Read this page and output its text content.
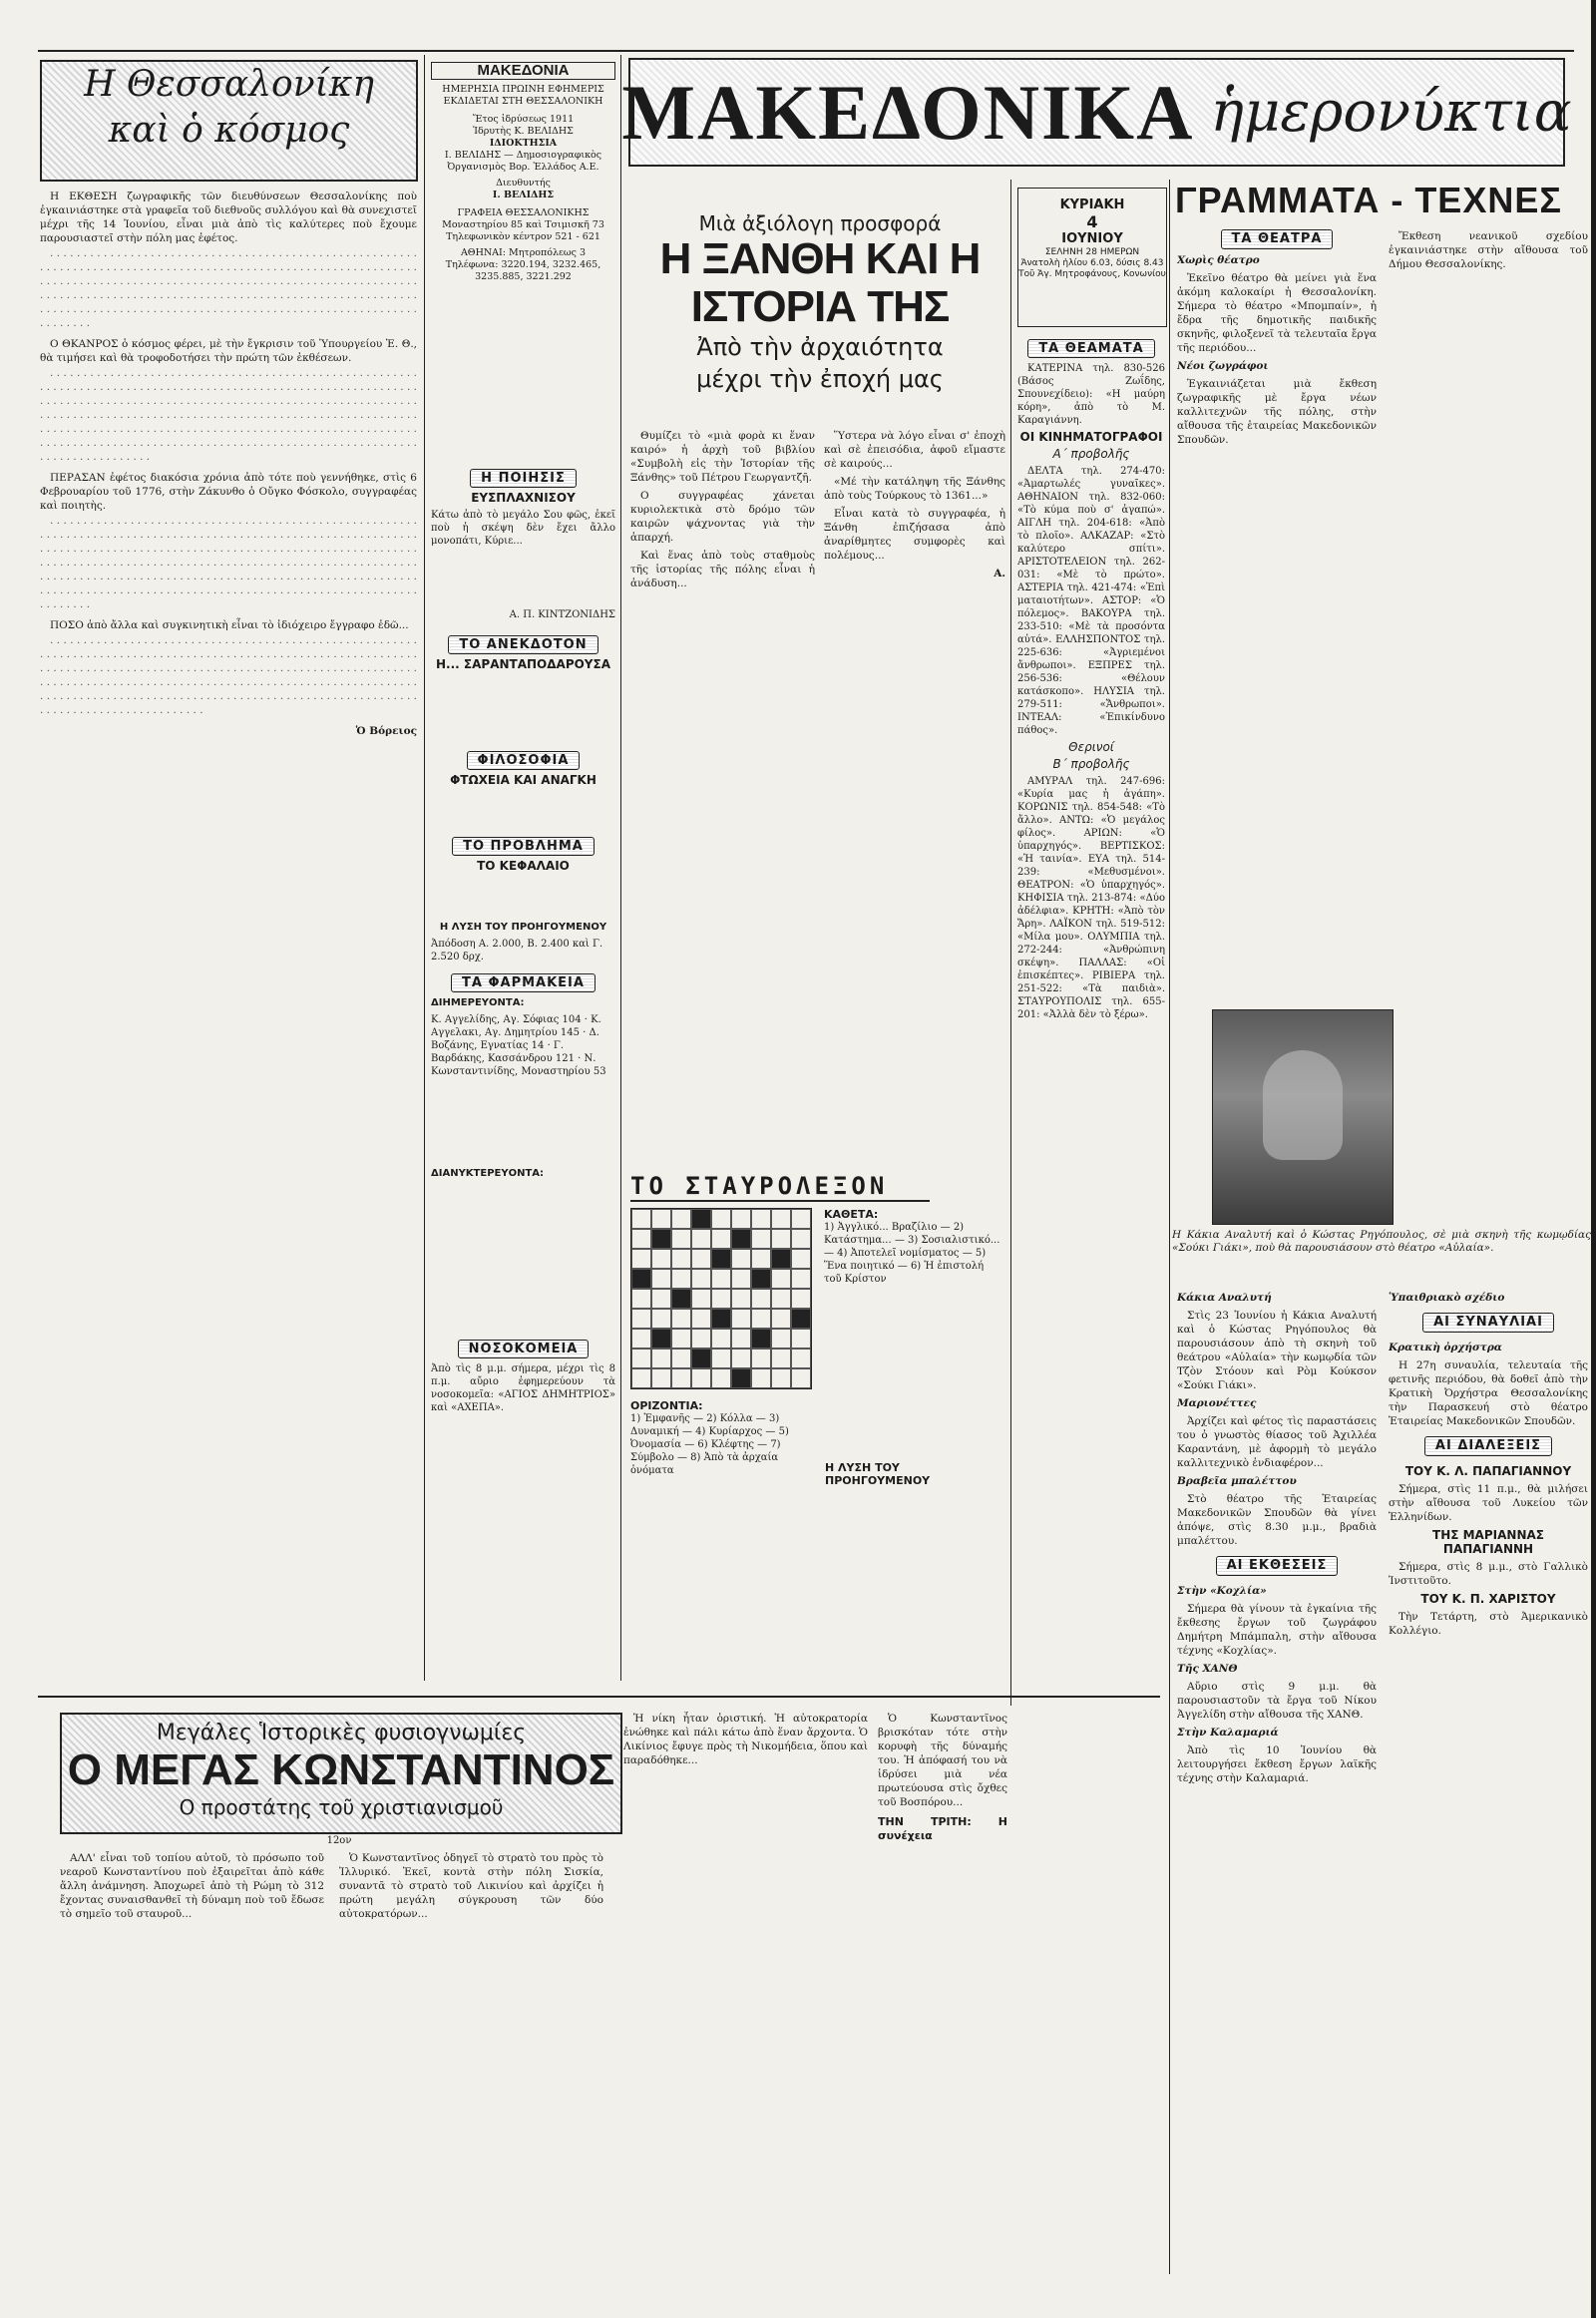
Η Θεσσαλονίκη
καὶ ὁ κόσμος

Η ΕΚΘΕΣΗ ζωγραφικῆς τῶν διευθύνσεων Θεσσαλονίκης ποὺ ἐγκαινιάστηκε στὰ γραφεῖα τοῦ διεθνοῦς συλλόγου καὶ θὰ συνεχιστεῖ μέχρι τῆς 14 Ἰουνίου, εἶναι μιὰ ἀπὸ τὶς καλύτερες ποὺ ἔχουμε παρουσιαστεῖ στὴν πόλη μας ἐφέτος.

· · · · · · · · · · · · · · · · · · · · · · · · · · · · · · · · · · · · · · · · · · · · · · · · · · · · · · · · · · · · · · · · · · · · · · · · · · · · · · · · · · · · · · · · · · · · · · · · · · · · · · · · · · · · · · · · · · · · · · · · · · · · · · · · · · · · · · · · · · · · · · · · · · · · · · · · · · · · · · · · · · · · · · · · · · · · · · · · · · · · · · · · · · · · · · · · · · · · · · · · · · · · · · · · · · · · · · · · · · · · · · · · · · · · · · · · · · · · · · · · · · · · · · · · · · · · · · · · · · · · · · · · · · · · · · · · · · · · · · · · · · · · · · · · · · ·

Ο ΘΚΑΝΡΟΣ ὁ κόσμος φέρει, μὲ τὴν ἔγκρισιν τοῦ Ὑπουργείου Ἐ. Θ., θὰ τιμήσει καὶ θὰ τροφοδοτήσει τὴν πρώτη τῶν ἐκθέσεων.

· · · · · · · · · · · · · · · · · · · · · · · · · · · · · · · · · · · · · · · · · · · · · · · · · · · · · · · · · · · · · · · · · · · · · · · · · · · · · · · · · · · · · · · · · · · · · · · · · · · · · · · · · · · · · · · · · · · · · · · · · · · · · · · · · · · · · · · · · · · · · · · · · · · · · · · · · · · · · · · · · · · · · · · · · · · · · · · · · · · · · · · · · · · · · · · · · · · · · · · · · · · · · · · · · · · · · · · · · · · · · · · · · · · · · · · · · · · · · · · · · · · · · · · · · · · · · · · · · · · · · · · · · · · · · · · · · · · · · · · · · · · · · · · · · · · · · · · · · · · · · · · · · · · · · · · · · · · · · · · · · · · · · · · · · · · · · · · · · · · · · · · · · · · · · · · · · · · · ·

ΠΕΡΑΣΑΝ ἐφέτος διακόσια χρόνια ἀπὸ τότε ποὺ γεννήθηκε, στὶς 6 Φεβρουαρίου τοῦ 1776, στὴν Ζάκυνθο ὁ Οὔγκο Φόσκολο, συγγραφέας καὶ ποιητὴς.

· · · · · · · · · · · · · · · · · · · · · · · · · · · · · · · · · · · · · · · · · · · · · · · · · · · · · · · · · · · · · · · · · · · · · · · · · · · · · · · · · · · · · · · · · · · · · · · · · · · · · · · · · · · · · · · · · · · · · · · · · · · · · · · · · · · · · · · · · · · · · · · · · · · · · · · · · · · · · · · · · · · · · · · · · · · · · · · · · · · · · · · · · · · · · · · · · · · · · · · · · · · · · · · · · · · · · · · · · · · · · · · · · · · · · · · · · · · · · · · · · · · · · · · · · · · · · · · · · · · · · · · · · · · · · · · · · · · · · · · · · · · · · · · · · · · · · · · · · · · · · · · · · · · · · · · · · · · · · · · · · · · · · · · · · · · · · · · · · · · · · · · · · · · ·

ΠΟΣΟ ἀπὸ ἄλλα καὶ συγκινητικὴ εἶναι τὸ ἰδιόχειρο ἔγγραφο ἐδῶ...

· · · · · · · · · · · · · · · · · · · · · · · · · · · · · · · · · · · · · · · · · · · · · · · · · · · · · · · · · · · · · · · · · · · · · · · · · · · · · · · · · · · · · · · · · · · · · · · · · · · · · · · · · · · · · · · · · · · · · · · · · · · · · · · · · · · · · · · · · · · · · · · · · · · · · · · · · · · · · · · · · · · · · · · · · · · · · · · · · · · · · · · · · · · · · · · · · · · · · · · · · · · · · · · · · · · · · · · · · · · · · · · · · · · · · · · · · · · · · · · · · · · · · · · · · · · · · · · · · · · · · · · · · · · · · · · · · · · · · · · · · · · · · · · · · · · · · · · · · · · · · · · · · · · ·

Ὁ Βόρειος
ΜΑΚΕΔΟΝΙΑ
ΗΜΕΡΗΣΙΑ ΠΡΩΙΝΗ ΕΦΗΜΕΡΙΣ ΕΚΔΙΔΕΤΑΙ ΣΤΗ ΘΕΣΣΑΛΟΝΙΚΗ
Ἔτος ἱδρύσεως 1911
Ἱδρυτὴς Κ. ΒΕΛΙΔΗΣ
ΙΔΙΟΚΤΗΣΙΑ
Ι. ΒΕΛΙΔΗΣ — Δημοσιογραφικὸς Ὀργανισμὸς Βορ. Ἑλλάδος Α.Ε.
Διευθυντής
Ι. ΒΕΛΙΔΗΣ
ΓΡΑΦΕΙΑ ΘΕΣΣΑΛΟΝΙΚΗΣ Μοναστηρίου 85 καὶ Τσιμισκῆ 73
Τηλεφωνικὸν κέντρον 521 - 621
ΑΘΗΝΑΙ: Μητροπόλεως 3
Τηλέφωνα: 3220.194, 3232.465, 3235.885, 3221.292
Η ΠΟΙΗΣΙΣ
ΕΥΣΠΛΑΧΝΙΣΟΥ
Κάτω ἀπὸ τὸ μεγάλο Σου φῶς, ἐκεῖ ποὺ ἡ σκέψη δὲν ἔχει ἄλλο μονοπάτι, Κύριε...
Α. Π. ΚΙΝΤΖΟΝΙΔΗΣ
ΤΟ ΑΝΕΚΔΟΤΟΝ
Η... ΣΑΡΑΝΤΑΠΟΔΑΡΟΥΣΑ
ΦΙΛΟΣΟΦΙΑ
ΦΤΩΧΕΙΑ ΚΑΙ ΑΝΑΓΚΗ
ΤΟ ΠΡΟΒΛΗΜΑ
ΤΟ ΚΕΦΑΛΑΙΟ
Η ΛΥΣΗ ΤΟΥ ΠΡΟΗΓΟΥΜΕΝΟΥ
Ἀπόδοση Α. 2.000, Β. 2.400 καὶ Γ. 2.520 δρχ.
ΤΑ ΦΑΡΜΑΚΕΙΑ
ΔΙΗΜΕΡΕΥΟΝΤΑ:
Κ. Αγγελίδης, Αγ. Σόφιας 104 · Κ. Αγγελακι, Αγ. Δημητρίου 145 · Δ. Βοζάνης, Εγνατίας 14 · Γ. Βαρδάκης, Κασσάνδρου 121 · Ν. Κωνσταντινίδης, Μοναστηρίου 53
ΔΙΑΝΥΚΤΕΡΕΥΟΝΤΑ:
ΝΟΣΟΚΟΜΕΙΑ
Ἀπὸ τὶς 8 μ.μ. σήμερα, μέχρι τὶς 8 π.μ. αὔριο ἐφημερεύουν τὰ νοσοκομεῖα: «ΑΓΙΟΣ ΔΗΜΗΤΡΙΟΣ» καὶ «ΑΧΕΠΑ».
ΜΑΚΕΔΟΝΙΚΑ ἡμερονύκτια
Μιὰ ἀξιόλογη προσφορά
Η ΞΑΝΘΗ ΚΑΙ Η ΙΣΤΟΡΙΑ ΤΗΣ
Ἀπὸ τὴν ἀρχαιότητα
μέχρι τὴν ἐποχή μας

Θυμίζει τὸ «μιὰ φορὰ κι ἕναν καιρό» ἡ ἀρχὴ τοῦ βιβλίου «Συμβολὴ εἰς τὴν Ἱστορίαν τῆς Ξάνθης» τοῦ Πέτρου Γεωργαντζῆ.

Ο συγγραφέας χάνεται κυριολεκτικὰ στὸ δρόμο τῶν καιρῶν ψάχνοντας γιὰ τὴν ἀπαρχή.

Καὶ ἕνας ἀπὸ τοὺς σταθμοὺς τῆς ἱστορίας τῆς πόλης εἶναι ἡ ἀνάδυση...

Ὕστερα νὰ λόγο εἶναι σ' ἐποχὴ καὶ σὲ ἐπεισόδια, ἀφοῦ εἴμαστε σὲ καιρούς...

«Μέ τὴν κατάληψη τῆς Ξάνθης ἀπὸ τοὺς Τούρκους τὸ 1361...»

Εἶναι κατὰ τὸ συγγραφέα, ἡ Ξάνθη ἐπιζήσασα ἀπὸ ἀναρίθμητες συμφορὲς καὶ πολέμους...

Α.
ΤΟ ΣΤΑΥΡΟΛΕΞΟΝ
ΚΑΘΕΤΑ:
1) Ἀγγλικό... Βραζίλιο — 2) Κατάστημα... — 3) Σοσιαλιστικό... — 4) Ἀποτελεῖ νομίσματος — 5) Ἕνα ποιητικό — 6) Ἡ ἐπιστολή τοῦ Κρίστον
ΟΡΙΖΟΝΤΙΑ:
1) Ἐμφανῆς — 2) Κόλλα — 3) Δυναμική — 4) Κυρίαρχος — 5) Ὀνομασία — 6) Κλέφτης — 7) Σύμβολο — 8) Ἀπὸ τὰ ἀρχαία ὀνόματα	Η ΛΥΣΗ ΤΟΥ ΠΡΟΗΓΟΥΜΕΝΟΥ
ΚΥΡΙΑΚΗ
4
ΙΟΥΝΙΟΥ
ΣΕΛΗΝΗ 28 ΗΜΕΡΩΝ
Ἀνατολὴ ἡλίου 6.03, δύσις 8.43
Τοῦ Ἁγ. Μητροφάνους, Κονωνίου
ΤΑ ΘΕΑΜΑΤΑ

ΚΑΤΕΡΙΝΑ τηλ. 830-526 (Βάσος Ζωΐδης, Σπουνεχίδειο): «Η μαύρη κόρη», ἀπὸ τὸ Μ. Καραγιάννη.

ΟΙ ΚΙΝΗΜΑΤΟΓΡΑΦΟΙ
Α΄ προβολῆς

ΔΕΛΤΑ τηλ. 274-470: «Ἀμαρτωλές γυναῖκες». ΑΘΗΝΑΙΟΝ τηλ. 832-060: «Τὸ κύμα ποὺ σ' ἀγαπώ». ΑΙΓΛΗ τηλ. 204-618: «Ἀπὸ τὸ πλοῖο». ΑΛΚΑΖΑΡ: «Στὸ καλύτερο σπίτι». ΑΡΙΣΤΟΤΕΛΕΙΟΝ τηλ. 262-031: «Μὲ τὸ πρώτο». ΑΣΤΕΡΙΑ τηλ. 421-474: «Ἐπὶ ματαιοτήτων». ΑΣΤΟΡ: «Ὁ πόλεμος». ΒΑΚΟΥΡΑ τηλ. 233-510: «Μὲ τὰ προσόντα αὐτά». ΕΛΛΗΣΠΟΝΤΟΣ τηλ. 225-636: «Ἀγριεμένοι ἄνθρωποι». ΕΞΠΡΕΣ τηλ. 256-536: «Θέλουν κατάσκοπο». ΗΛΥΣΙΑ τηλ. 279-511: «Ἄνθρωποι». ΙΝΤΕΑΛ: «Ἐπικίνδυνο πάθος».

Θερινοί
Β΄ προβολῆς

ΑΜΥΡΑΛ τηλ. 247-696: «Κυρία μας ἡ ἀγάπη». ΚΟΡΩΝΙΣ τηλ. 854-548: «Τὸ ἄλλο». ΑΝΤΩ: «Ὁ μεγάλος φίλος». ΑΡΙΩΝ: «Ὁ ὑπαρχηγός». ΒΕΡΤΙΣΚΟΣ: «Ἡ ταινία». ΕΥΑ τηλ. 514-239: «Μεθυσμένοι». ΘΕΑΤΡΟΝ: «Ὁ ὑπαρχηγός». ΚΗΦΙΣΙΑ τηλ. 213-874: «Δύο ἀδέλφια». ΚΡΗΤΗ: «Ἀπὸ τὸν Ἄρη». ΛΑΪΚΟΝ τηλ. 519-512: «Μίλα μου». ΟΛΥΜΠΙΑ τηλ. 272-244: «Ἀνθρώπινη σκέψη». ΠΑΛΛΑΣ: «Οἱ ἐπισκέπτες». ΡΙΒΙΕΡΑ τηλ. 251-522: «Τὰ παιδιὰ». ΣΤΑΥΡΟΥΠΟΛΙΣ τηλ. 655-201: «Ἀλλὰ δὲν τὸ ξέρω».

ΓΡΑΜΜΑΤΑ - ΤΕΧΝΕΣ
ΤΑ ΘΕΑΤΡΑ
Χωρὶς θέατρο

Ἐκεῖνο θέατρο θὰ μείνει γιὰ ἕνα ἀκόμη καλοκαίρι ἡ Θεσσαλονίκη. Σήμερα τὸ θέατρο «Μπομπαίν», ἡ ἔδρα τῆς δημοτικῆς παιδικῆς σκηνῆς, φιλοξενεῖ τὰ τελευταῖα ἔργα τῆς περιόδου...

Νέοι ζωγράφοι

Ἐγκαινιάζεται μιὰ ἔκθεση ζωγραφικῆς μὲ ἔργα νέων καλλιτεχνῶν τῆς πόλης, στὴν αἴθουσα τῆς ἑταιρείας Μακεδονικῶν Σπουδῶν.

Ἔκθεση νεανικοῦ σχεδίου ἐγκαινιάστηκε στὴν αἴθουσα τοῦ Δήμου Θεσσαλονίκης.

Η Κάκια Αναλυτή καὶ ὁ Κώστας Ρηγόπουλος, σὲ μιὰ σκηνὴ τῆς κωμῳδίας «Σούκι Γιάκι», ποὺ θὰ παρουσιάσουν στὸ θέατρο «Αὐλαία».
Κάκια Αναλυτή

Στὶς 23 Ἰουνίου ἡ Κάκια Αναλυτή καὶ ὁ Κώστας Ρηγόπουλος θὰ παρουσιάσουν ἀπὸ τὴ σκηνὴ τοῦ θεάτρου «Αὐλαία» τὴν κωμῳδία τῶν Τζὸν Στόουν καὶ Ρὸμ Κούκσον «Σούκι Γιάκι».

Μαριονέττες

Ἀρχίζει καὶ φέτος τὶς παραστάσεις του ὁ γνωστὸς θίασος τοῦ Ἀχιλλέα Καραντάνη, μὲ ἀφορμὴ τὸ μεγάλο καλλιτεχνικὸ ἐνδιαφέρον...

Βραβεῖα μπαλέττου

Στὸ θέατρο τῆς Ἑταιρείας Μακεδονικῶν Σπουδῶν θὰ γίνει ἀπόψε, στὶς 8.30 μ.μ., βραδιὰ μπαλέττου.

ΑΙ ΕΚΘΕΣΕΙΣ
Στὴν «Κοχλία»

Σήμερα θὰ γίνουν τὰ ἐγκαίνια τῆς ἔκθεσης ἔργων τοῦ ζωγράφου Δημήτρη Μπάμπαλη, στὴν αἴθουσα τέχνης «Κοχλίας».

Τῆς ΧΑΝΘ

Αὔριο στὶς 9 μ.μ. θὰ παρουσιαστοῦν τὰ ἔργα τοῦ Νίκου Ἀγγελίδη στὴν αἴθουσα τῆς ΧΑΝΘ.

Στὴν Καλαμαριά

Ἀπὸ τὶς 10 Ἰουνίου θὰ λειτουργήσει ἔκθεση ἔργων λαϊκῆς τέχνης στὴν Καλαμαριά.

Ὑπαιθριακὸ σχέδιο
ΑΙ ΣΥΝΑΥΛΙΑΙ
Κρατικὴ ὀρχήστρα

Η 27η συναυλία, τελευταία τῆς φετινῆς περιόδου, θὰ δοθεῖ ἀπὸ τὴν Κρατικὴ Ὀρχήστρα Θεσσαλονίκης τὴν Παρασκευή στὸ θέατρο Ἑταιρείας Μακεδονικῶν Σπουδῶν.

ΑΙ ΔΙΑΛΕΞΕΙΣ
ΤΟΥ Κ. Λ. ΠΑΠΑΓΙΑΝΝΟΥ

Σήμερα, στὶς 11 π.μ., θὰ μιλήσει στὴν αἴθουσα τοῦ Λυκείου τῶν Ἑλληνίδων.

ΤΗΣ ΜΑΡΙΑΝΝΑΣ ΠΑΠΑΓΙΑΝΝΗ

Σήμερα, στὶς 8 μ.μ., στὸ Γαλλικὸ Ἰνστιτοῦτο.

ΤΟΥ Κ. Π. ΧΑΡΙΣΤΟΥ

Τὴν Τετάρτη, στὸ Ἀμερικανικὸ Κολλέγιο.

Μεγάλες Ἱστορικὲς φυσιογνωμίες
Ο ΜΕΓΑΣ ΚΩΝΣΤΑΝΤΙΝΟΣ
Ο προστάτης τοῦ χριστιανισμοῦ
12ον

ΑΛΛ' εἶναι τοῦ τοπίου αὐτοῦ, τὸ πρόσωπο τοῦ νεαροῦ Κωνσταντίνου ποὺ ἐξαιρεῖται ἀπὸ κάθε ἄλλη ἀνάμνηση. Ἀποχωρεῖ ἀπὸ τὴ Ρώμη τὸ 312 ἔχοντας συναισθανθεῖ τὴ δύναμη ποὺ τοῦ ἔδωσε τὸ σημεῖο τοῦ σταυροῦ...

Ὁ Κωνσταντῖνος ὁδηγεῖ τὸ στρατὸ του πρὸς τὸ Ἰλλυρικό. Ἐκεῖ, κοντὰ στὴν πόλη Σισκία, συναντᾶ τὸ στρατὸ τοῦ Λικινίου καὶ ἀρχίζει ἡ πρώτη μεγάλη σύγκρουση τῶν δύο αὐτοκρατόρων...

Ἡ νίκη ἦταν ὁριστική. Ἡ αὐτοκρατορία ἐνώθηκε καὶ πάλι κάτω ἀπὸ ἕναν ἄρχοντα. Ὁ Λικίνιος ἔφυγε πρὸς τὴ Νικομήδεια, ὅπου καὶ παραδόθηκε...

Ὁ Κωνσταντῖνος βρισκόταν τότε στὴν κορυφὴ τῆς δύναμής του. Ἡ ἀπόφασή του νὰ ἱδρύσει μιὰ νέα πρωτεύουσα στὶς ὄχθες τοῦ Βοσπόρου...

ΤΗΝ ΤΡΙΤΗ: Η συνέχεια
